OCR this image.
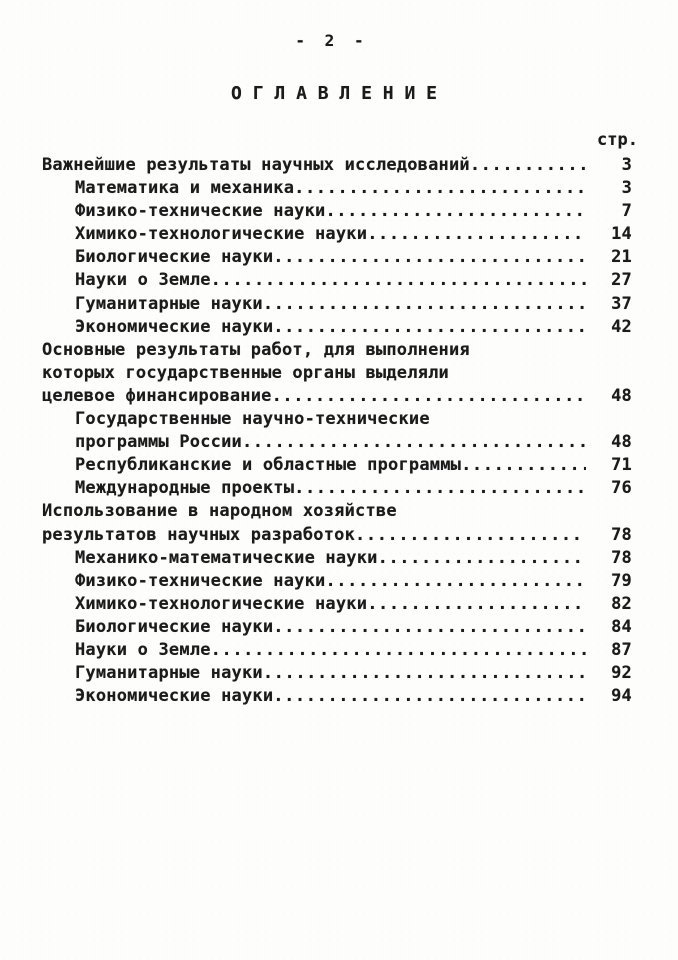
- 2 -
О Г Л А В Л Е Н И Е
стр.
Важнейшие результаты научных исследований .....	3
Математика и механика .....	3
Физико-технические науки .....	7
Химико-технологические науки .....	14
Биологические науки .....	21
Науки о Земле .....	27
Гуманитарные науки .....	37
Экономические науки .....	42
Основные результаты работ, для выполнения
которых государственные органы выделяли
целевое финансирование .....	48
Государственные научно-технические
программы России .....	48
Республиканские и областные программы .....	71
Международные проекты .....	76
Использование в народном хозяйстве
результатов научных разработок .....	78
Механико-математические науки .....	78
Физико-технические науки .....	79
Химико-технологические науки .....	82
Биологические науки .....	84
Науки о Земле .....	87
Гуманитарные науки .....	92
Экономические науки .....	94
